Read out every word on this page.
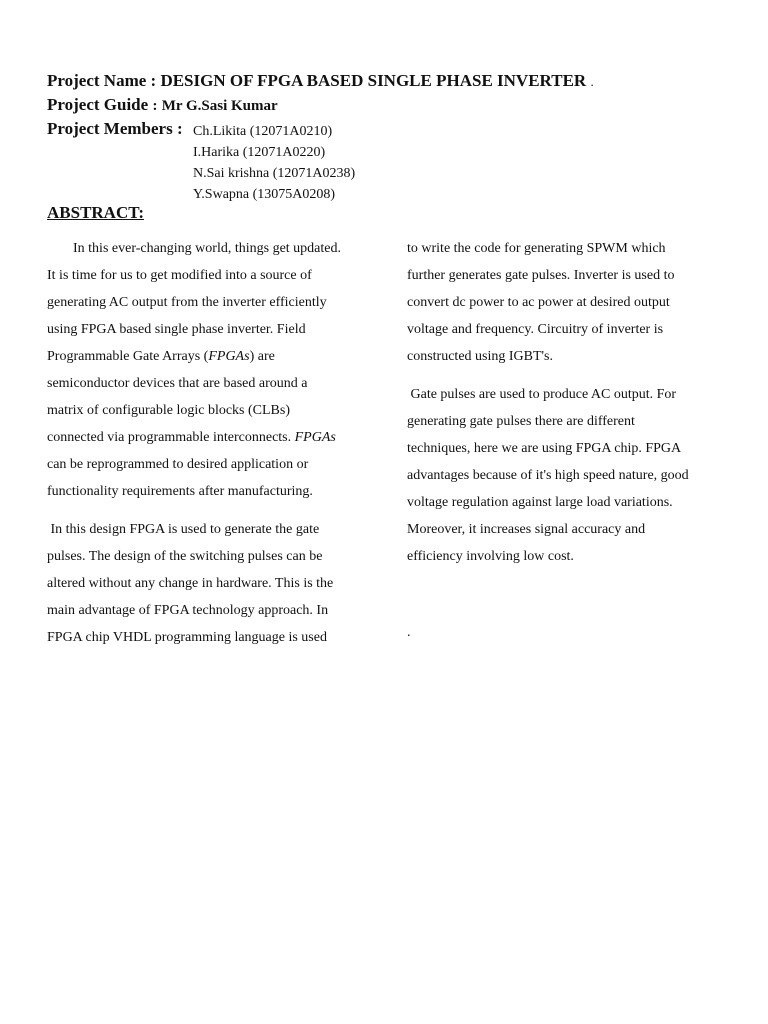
Project Name : DESIGN OF FPGA BASED SINGLE PHASE INVERTER .
Project Guide : Mr G.Sasi Kumar
Project Members : Ch.Likita (12071A0210)
I.Harika (12071A0220)
N.Sai krishna (12071A0238)
Y.Swapna (13075A0208)
ABSTRACT:

In this ever-changing world, things get updated.
It is time for us to get modified into a source of
generating AC output from the inverter efficiently
using FPGA based single phase inverter. Field
Programmable Gate Arrays (FPGAs) are
semiconductor devices that are based around a
matrix of configurable logic blocks (CLBs)
connected via programmable interconnects. FPGAs
can be reprogrammed to desired application or
functionality requirements after manufacturing.

In this design FPGA is used to generate the gate
pulses. The design of the switching pulses can be
altered without any change in hardware. This is the
main advantage of FPGA technology approach. In
FPGA chip VHDL programming language is used

to write the code for generating SPWM which
further generates gate pulses. Inverter is used to
convert dc power to ac power at desired output
voltage and frequency. Circuitry of inverter is
constructed using IGBT's.

Gate pulses are used to produce AC output. For
generating gate pulses there are different
techniques, here we are using FPGA chip. FPGA
advantages because of it's high speed nature, good
voltage regulation against large load variations.
Moreover, it increases signal accuracy and
efficiency involving low cost.

.
